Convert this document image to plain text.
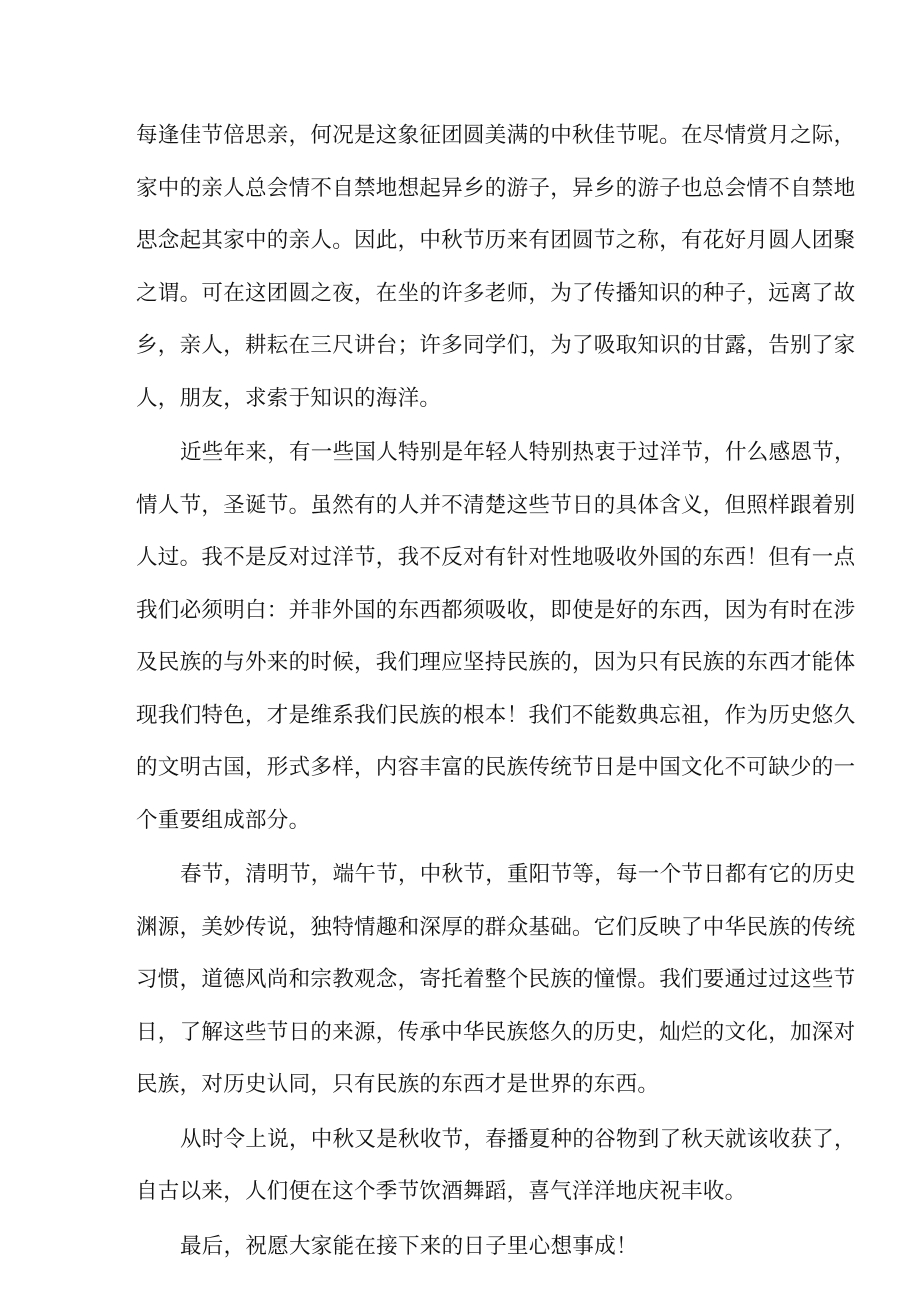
每逢佳节倍思亲，何况是这象征团圆美满的中秋佳节呢。在尽情赏月之际，
家中的亲人总会情不自禁地想起异乡的游子，异乡的游子也总会情不自禁地
思念起其家中的亲人。因此，中秋节历来有团圆节之称，有花好月圆人团聚
之谓。可在这团圆之夜，在坐的许多老师，为了传播知识的种子，远离了故
乡，亲人，耕耘在三尺讲台；许多同学们，为了吸取知识的甘露，告别了家
人，朋友，求索于知识的海洋。
近些年来，有一些国人特别是年轻人特别热衷于过洋节，什么感恩节，
情人节，圣诞节。虽然有的人并不清楚这些节日的具体含义，但照样跟着别
人过。我不是反对过洋节，我不反对有针对性地吸收外国的东西！但有一点
我们必须明白：并非外国的东西都须吸收，即使是好的东西，因为有时在涉
及民族的与外来的时候，我们理应坚持民族的，因为只有民族的东西才能体
现我们特色，才是维系我们民族的根本！我们不能数典忘祖，作为历史悠久
的文明古国，形式多样，内容丰富的民族传统节日是中国文化不可缺少的一
个重要组成部分。
春节，清明节，端午节，中秋节，重阳节等，每一个节日都有它的历史
渊源，美妙传说，独特情趣和深厚的群众基础。它们反映了中华民族的传统
习惯，道德风尚和宗教观念，寄托着整个民族的憧憬。我们要通过过这些节
日，了解这些节日的来源，传承中华民族悠久的历史，灿烂的文化，加深对
民族，对历史认同，只有民族的东西才是世界的东西。
从时令上说，中秋又是秋收节，春播夏种的谷物到了秋天就该收获了，
自古以来，人们便在这个季节饮酒舞蹈，喜气洋洋地庆祝丰收。
最后，祝愿大家能在接下来的日子里心想事成！
